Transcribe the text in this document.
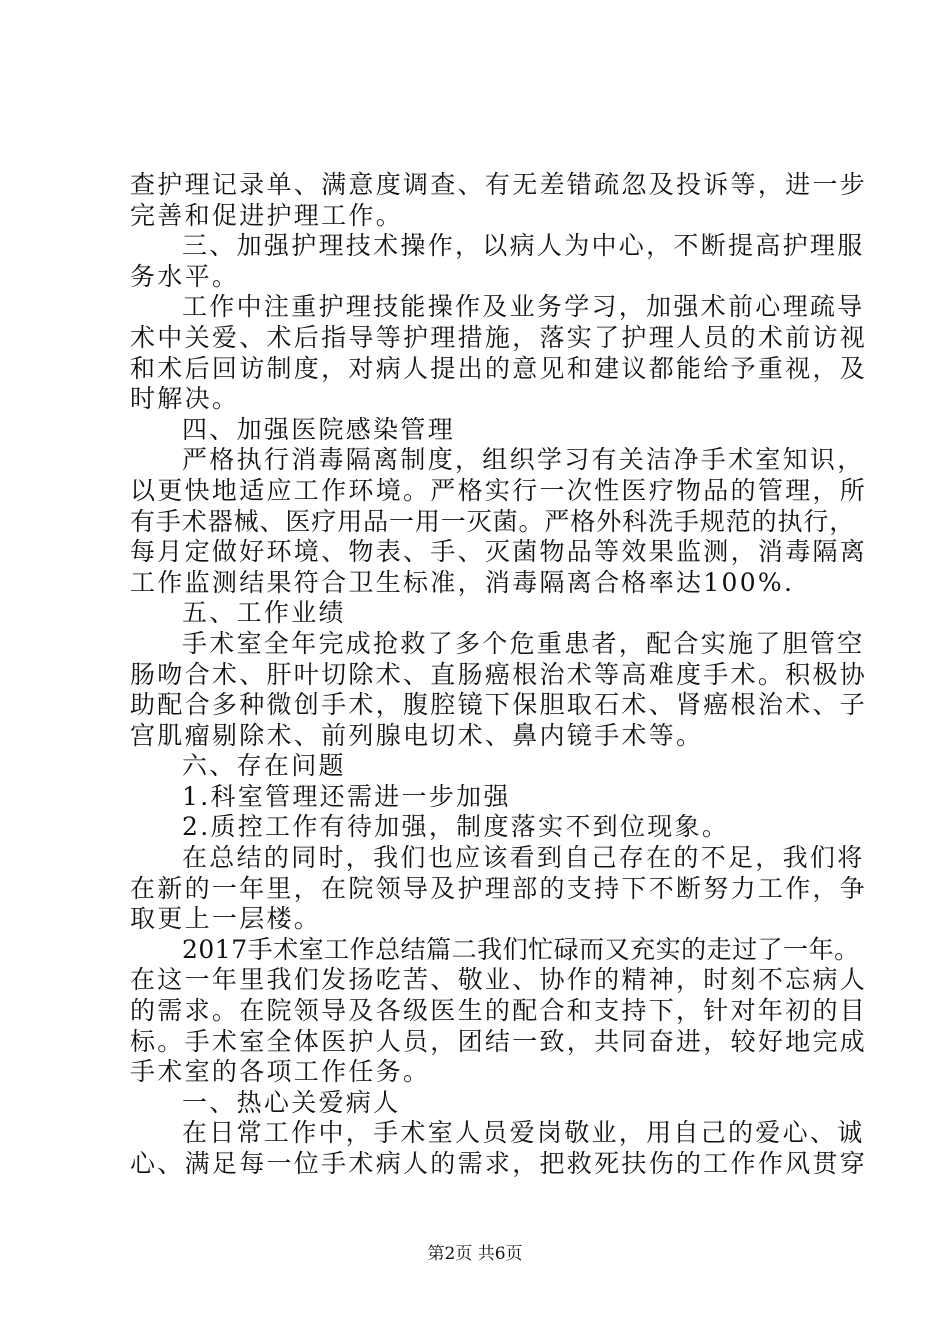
查护理记录单、满意度调查、有无差错疏忽及投诉等，进一步
完善和促进护理工作。
三、加强护理技术操作，以病人为中心，不断提高护理服
务水平。
工作中注重护理技能操作及业务学习，加强术前心理疏导
术中关爱、术后指导等护理措施，落实了护理人员的术前访视
和术后回访制度，对病人提出的意见和建议都能给予重视，及
时解决。
四、加强医院感染管理
严格执行消毒隔离制度，组织学习有关洁净手术室知识，
以更快地适应工作环境。严格实行一次性医疗物品的管理，所
有手术器械、医疗用品一用一灭菌。严格外科洗手规范的执行，
每月定做好环境、物表、手、灭菌物品等效果监测，消毒隔离
工作监测结果符合卫生标准，消毒隔离合格率达100%.
五、工作业绩
手术室全年完成抢救了多个危重患者，配合实施了胆管空
肠吻合术、肝叶切除术、直肠癌根治术等高难度手术。积极协
助配合多种微创手术，腹腔镜下保胆取石术、肾癌根治术、子
宫肌瘤剔除术、前列腺电切术、鼻内镜手术等。
六、存在问题
1.科室管理还需进一步加强
2.质控工作有待加强，制度落实不到位现象。
在总结的同时，我们也应该看到自己存在的不足，我们将
在新的一年里，在院领导及护理部的支持下不断努力工作，争
取更上一层楼。
2017手术室工作总结篇二我们忙碌而又充实的走过了一年。
在这一年里我们发扬吃苦、敬业、协作的精神，时刻不忘病人
的需求。在院领导及各级医生的配合和支持下，针对年初的目
标。手术室全体医护人员，团结一致，共同奋进，较好地完成
手术室的各项工作任务。
一、热心关爱病人
在日常工作中，手术室人员爱岗敬业，用自己的爱心、诚
心、满足每一位手术病人的需求，把救死扶伤的工作作风贯穿
第2页 共6页
